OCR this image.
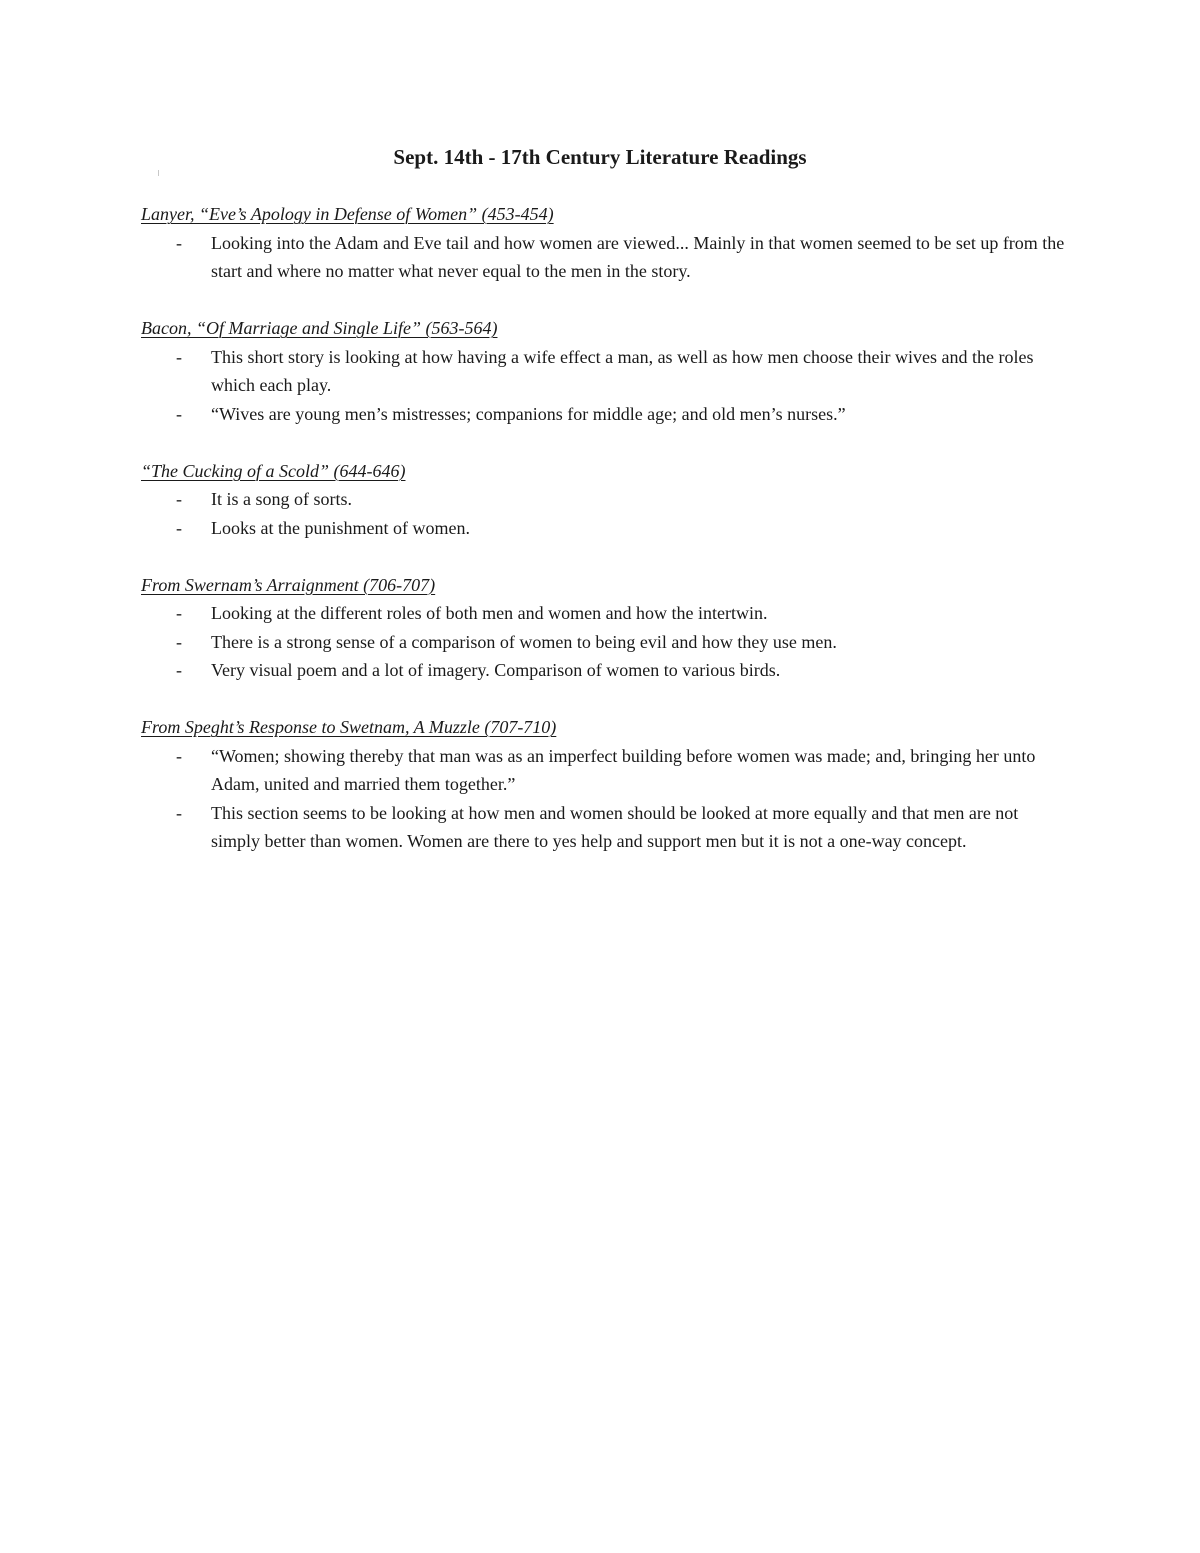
Sept. 14th - 17th Century Literature Readings

Lanyer, “Eve’s Apology in Defense of Women” (453-454)

- Looking into the Adam and Eve tail and how women are viewed... Mainly in that women seemed to be set up from the start and where no matter what never equal to the men in the story.

Bacon, “Of Marriage and Single Life” (563-564)

- This short story is looking at how having a wife effect a man, as well as how men choose their wives and the roles which each play.
- “Wives are young men’s mistresses; companions for middle age; and old men’s nurses.”

“The Cucking of a Scold” (644-646)

- It is a song of sorts.
- Looks at the punishment of women.

From Swernam’s Arraignment (706-707)

- Looking at the different roles of both men and women and how the intertwin.
- There is a strong sense of a comparison of women to being evil and how they use men.
- Very visual poem and a lot of imagery. Comparison of women to various birds.

From Speght’s Response to Swetnam, A Muzzle (707-710)

- “Women; showing thereby that man was as an imperfect building before women was made; and, bringing her unto Adam, united and married them together.”
- This section seems to be looking at how men and women should be looked at more equally and that men are not simply better than women. Women are there to yes help and support men but it is not a one-way concept.
